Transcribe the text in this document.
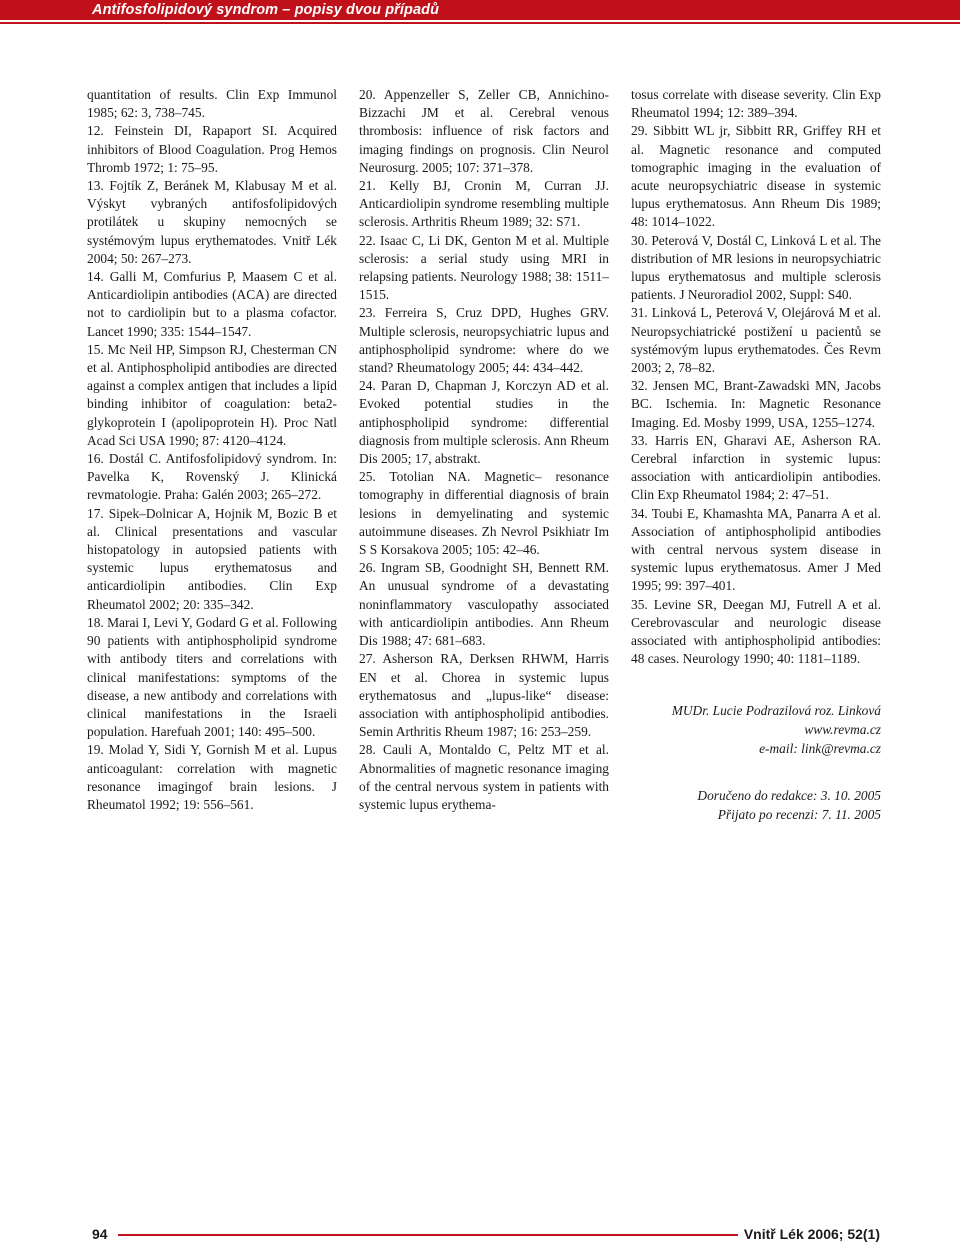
Antifosfolipidový syndrom – popisy dvou případů

quantitation of results. Clin Exp Immunol 1985; 62: 3, 738–745.

12. Feinstein DI, Rapaport SI. Acquired inhibitors of Blood Coagulation. Prog Hemos Thromb 1972; 1: 75–95.

13. Fojtík Z, Beránek M, Klabusay M et al. Výskyt vybraných antifosfolipidových protilátek u skupiny nemocných se systémovým lupus erythematodes. Vnitř Lék 2004; 50: 267–273.

14. Galli M, Comfurius P, Maasem C et al. Anticardiolipin antibodies (ACA) are directed not to cardiolipin but to a plasma cofactor. Lancet 1990; 335: 1544–1547.

15. Mc Neil HP, Simpson RJ, Chesterman CN et al. Antiphospholipid antibodies are directed against a complex antigen that includes a lipid binding inhibitor of coagulation: beta2-glykoprotein I (apolipoprotein H). Proc Natl Acad Sci USA 1990; 87: 4120–4124.

16. Dostál C. Antifosfolipidový syndrom. In: Pavelka K, Rovenský J. Klinická revmatologie. Praha: Galén 2003; 265–272.

17. Sipek–Dolnicar A, Hojnik M, Bozic B et al. Clinical presentations and vascular histopatology in autopsied patients with systemic lupus erythematosus and anticardiolipin antibodies. Clin Exp Rheumatol 2002; 20: 335–342.

18. Marai I, Levi Y, Godard G et al. Following 90 patients with antiphospholipid syndrome with antibody titers and correlations with clinical manifestations: symptoms of the disease, a new antibody and correlations with clinical manifestations in the Israeli population. Harefuah 2001; 140: 495–500.

19. Molad Y, Sidi Y, Gornish M et al. Lupus anticoagulant: correlation with magnetic resonance imagingof brain lesions. J Rheumatol 1992; 19: 556–561.

20. Appenzeller S, Zeller CB, Annichino-Bizzachi JM et al. Cerebral venous thrombosis: influence of risk factors and imaging findings on prognosis. Clin Neurol Neurosurg. 2005; 107: 371–378.

21. Kelly BJ, Cronin M, Curran JJ. Anticardiolipin syndrome resembling multiple sclerosis. Arthritis Rheum 1989; 32: S71.

22. Isaac C, Li DK, Genton M et al. Multiple sclerosis: a serial study using MRI in relapsing patients. Neurology 1988; 38: 1511–1515.

23. Ferreira S, Cruz DPD, Hughes GRV. Multiple sclerosis, neuropsychiatric lupus and antiphospholipid syndrome: where do we stand? Rheumatology 2005; 44: 434–442.

24. Paran D, Chapman J, Korczyn AD et al. Evoked potential studies in the antiphospholipid syndrome: differential diagnosis from multiple sclerosis. Ann Rheum Dis 2005; 17, abstrakt.

25. Totolian NA. Magnetic– resonance tomography in differential diagnosis of brain lesions in demyelinating and systemic autoimmune diseases. Zh Nevrol Psikhiatr Im S S Korsakova 2005; 105: 42–46.

26. Ingram SB, Goodnight SH, Bennett RM. An unusual syndrome of a devastating noninflammatory vasculopathy associated with anticardiolipin antibodies. Ann Rheum Dis 1988; 47: 681–683.

27. Asherson RA, Derksen RHWM, Harris EN et al. Chorea in systemic lupus erythematosus and „lupus-like“ disease: association with antiphospholipid antibodies. Semin Arthritis Rheum 1987; 16: 253–259.

28. Cauli A, Montaldo C, Peltz MT et al. Abnormalities of magnetic resonance imaging of the central nervous system in patients with systemic lupus erythema-

tosus correlate with disease severity. Clin Exp Rheumatol 1994; 12: 389–394.

29. Sibbitt WL jr, Sibbitt RR, Griffey RH et al. Magnetic resonance and computed tomographic imaging in the evaluation of acute neuropsychiatric disease in systemic lupus erythematosus. Ann Rheum Dis 1989; 48: 1014–1022.

30. Peterová V, Dostál C, Linková L et al. The distribution of MR lesions in neuropsychiatric lupus erythematosus and multiple sclerosis patients. J Neuroradiol 2002, Suppl: S40.

31. Linková L, Peterová V, Olejárová M et al. Neuropsychiatrické postižení u pacientů se systémovým lupus erythematodes. Čes Revm 2003; 2, 78–82.

32. Jensen MC, Brant-Zawadski MN, Jacobs BC. Ischemia. In: Magnetic Resonance Imaging. Ed. Mosby 1999, USA, 1255–1274.

33. Harris EN, Gharavi AE, Asherson RA. Cerebral infarction in systemic lupus: association with anticardiolipin antibodies. Clin Exp Rheumatol 1984; 2: 47–51.

34. Toubi E, Khamashta MA, Panarra A et al. Association of antiphospholipid antibodies with central nervous system disease in systemic lupus erythematosus. Amer J Med 1995; 99: 397–401.

35. Levine SR, Deegan MJ, Futrell A et al. Cerebrovascular and neurologic disease associated with antiphospholipid antibodies: 48 cases. Neurology 1990; 40: 1181–1189.

MUDr. Lucie Podrazilová roz. Linková
www.revma.cz
e-mail: link@revma.cz
Doručeno do redakce: 3. 10. 2005
Přijato po recenzi: 7. 11. 2005
94	Vnitř Lék 2006; 52(1)
